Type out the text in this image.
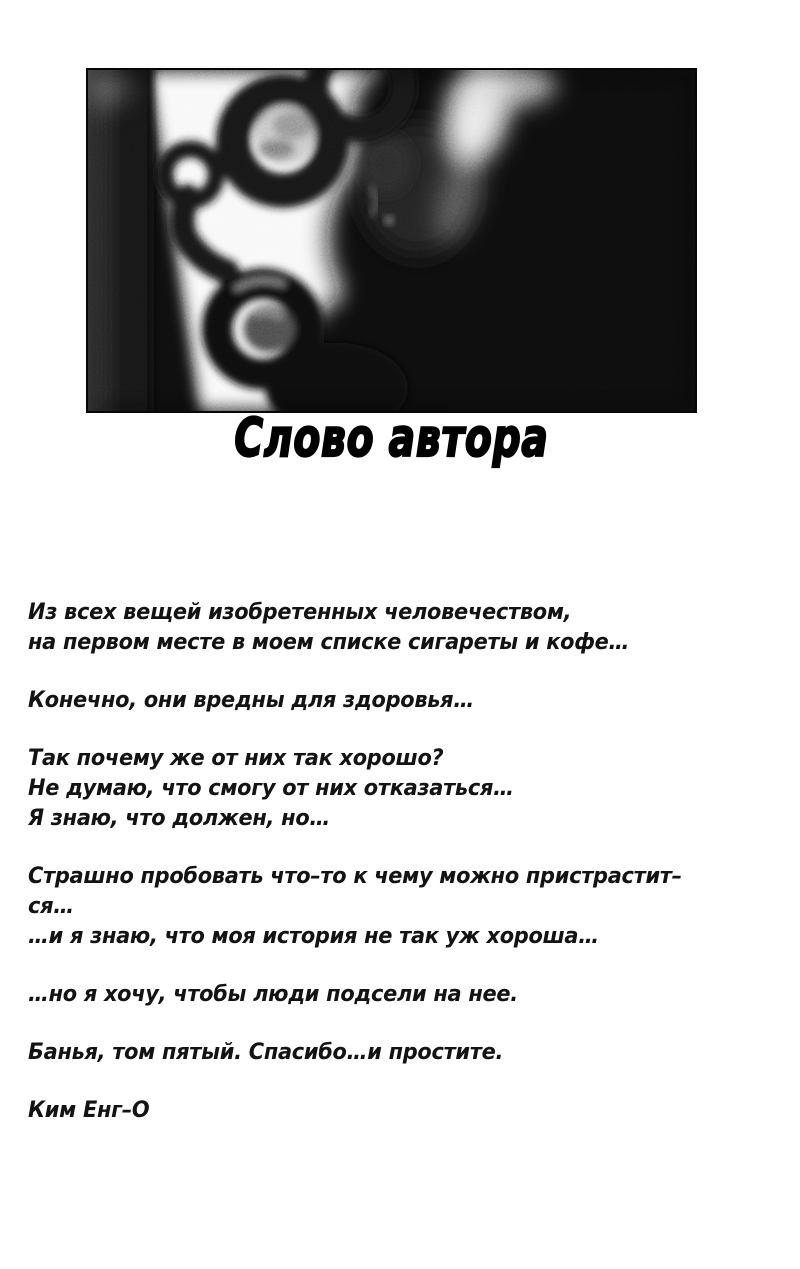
Слово автора

Из всех вещей изобретенных человечеством,
на первом месте в моем списке сигареты и кофе…

Конечно, они вредны для здоровья…

Так почему же от них так хорошо?
Не думаю, что смогу от них отказаться…
Я знаю, что должен, но…

Страшно пробовать что–то к чему можно пристрастит–
ся…
…и я знаю, что моя история не так уж хороша…

…но я хочу, чтобы люди подсели на нее.

Банья, том пятый. Спасибо…и простите.

Ким Енг–О
